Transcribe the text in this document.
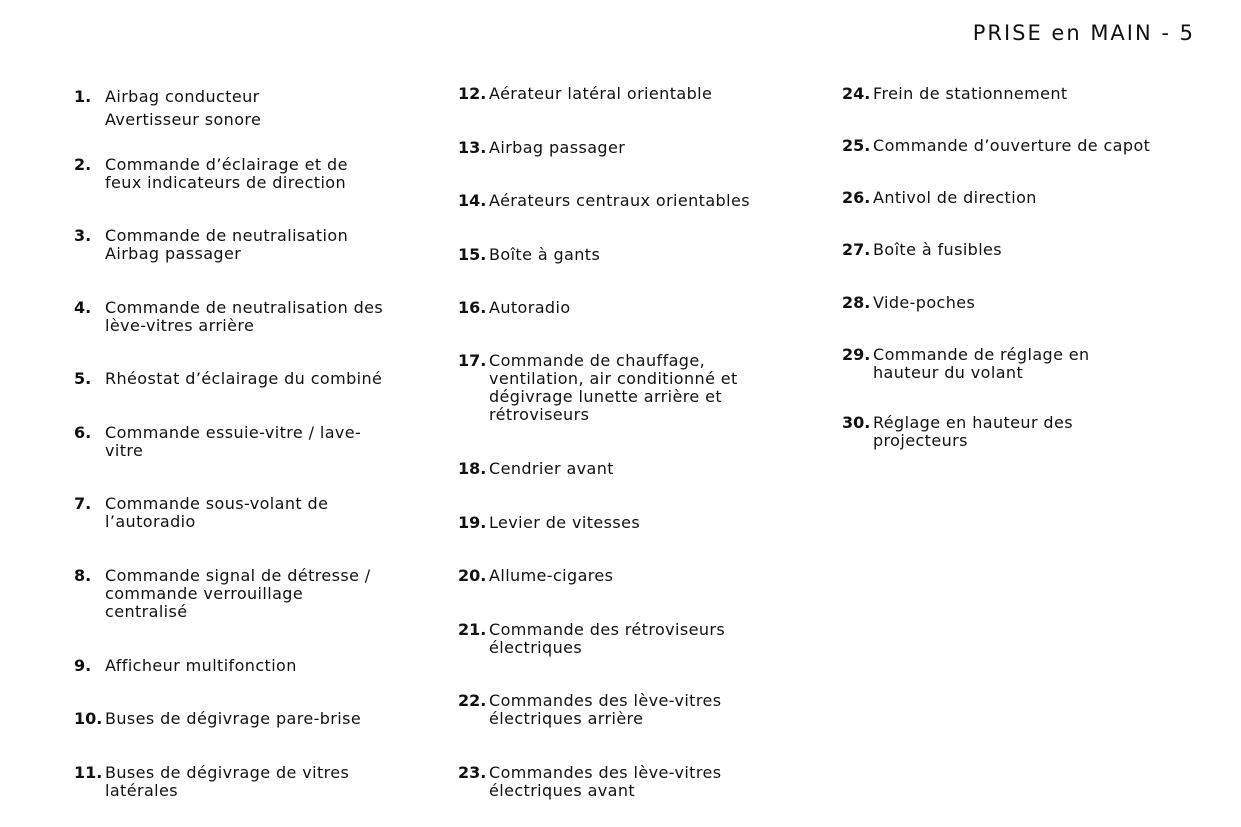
PRISE en MAIN - 5
1. Airbag conducteur
Avertisseur sonore
2. Commande d’éclairage et de
feux indicateurs de direction
3. Commande de neutralisation
Airbag passager
4. Commande de neutralisation des
lève-vitres arrière
5. Rhéostat d’éclairage du combiné
6. Commande essuie-vitre / lave-
vitre
7. Commande sous-volant de
l’autoradio
8. Commande signal de détresse /
commande verrouillage
centralisé
9. Afficheur multifonction
10. Buses de dégivrage pare-brise
11. Buses de dégivrage de vitres
latérales
12. Aérateur latéral orientable
13. Airbag passager
14. Aérateurs centraux orientables
15. Boîte à gants
16. Autoradio
17. Commande de chauffage,
ventilation, air conditionné et
dégivrage lunette arrière et
rétroviseurs
18. Cendrier avant
19. Levier de vitesses
20. Allume-cigares
21. Commande des rétroviseurs
électriques
22. Commandes des lève-vitres
électriques arrière
23. Commandes des lève-vitres
électriques avant
24. Frein de stationnement
25. Commande d’ouverture de capot
26. Antivol de direction
27. Boîte à fusibles
28. Vide-poches
29. Commande de réglage en
hauteur du volant
30. Réglage en hauteur des
projecteurs
